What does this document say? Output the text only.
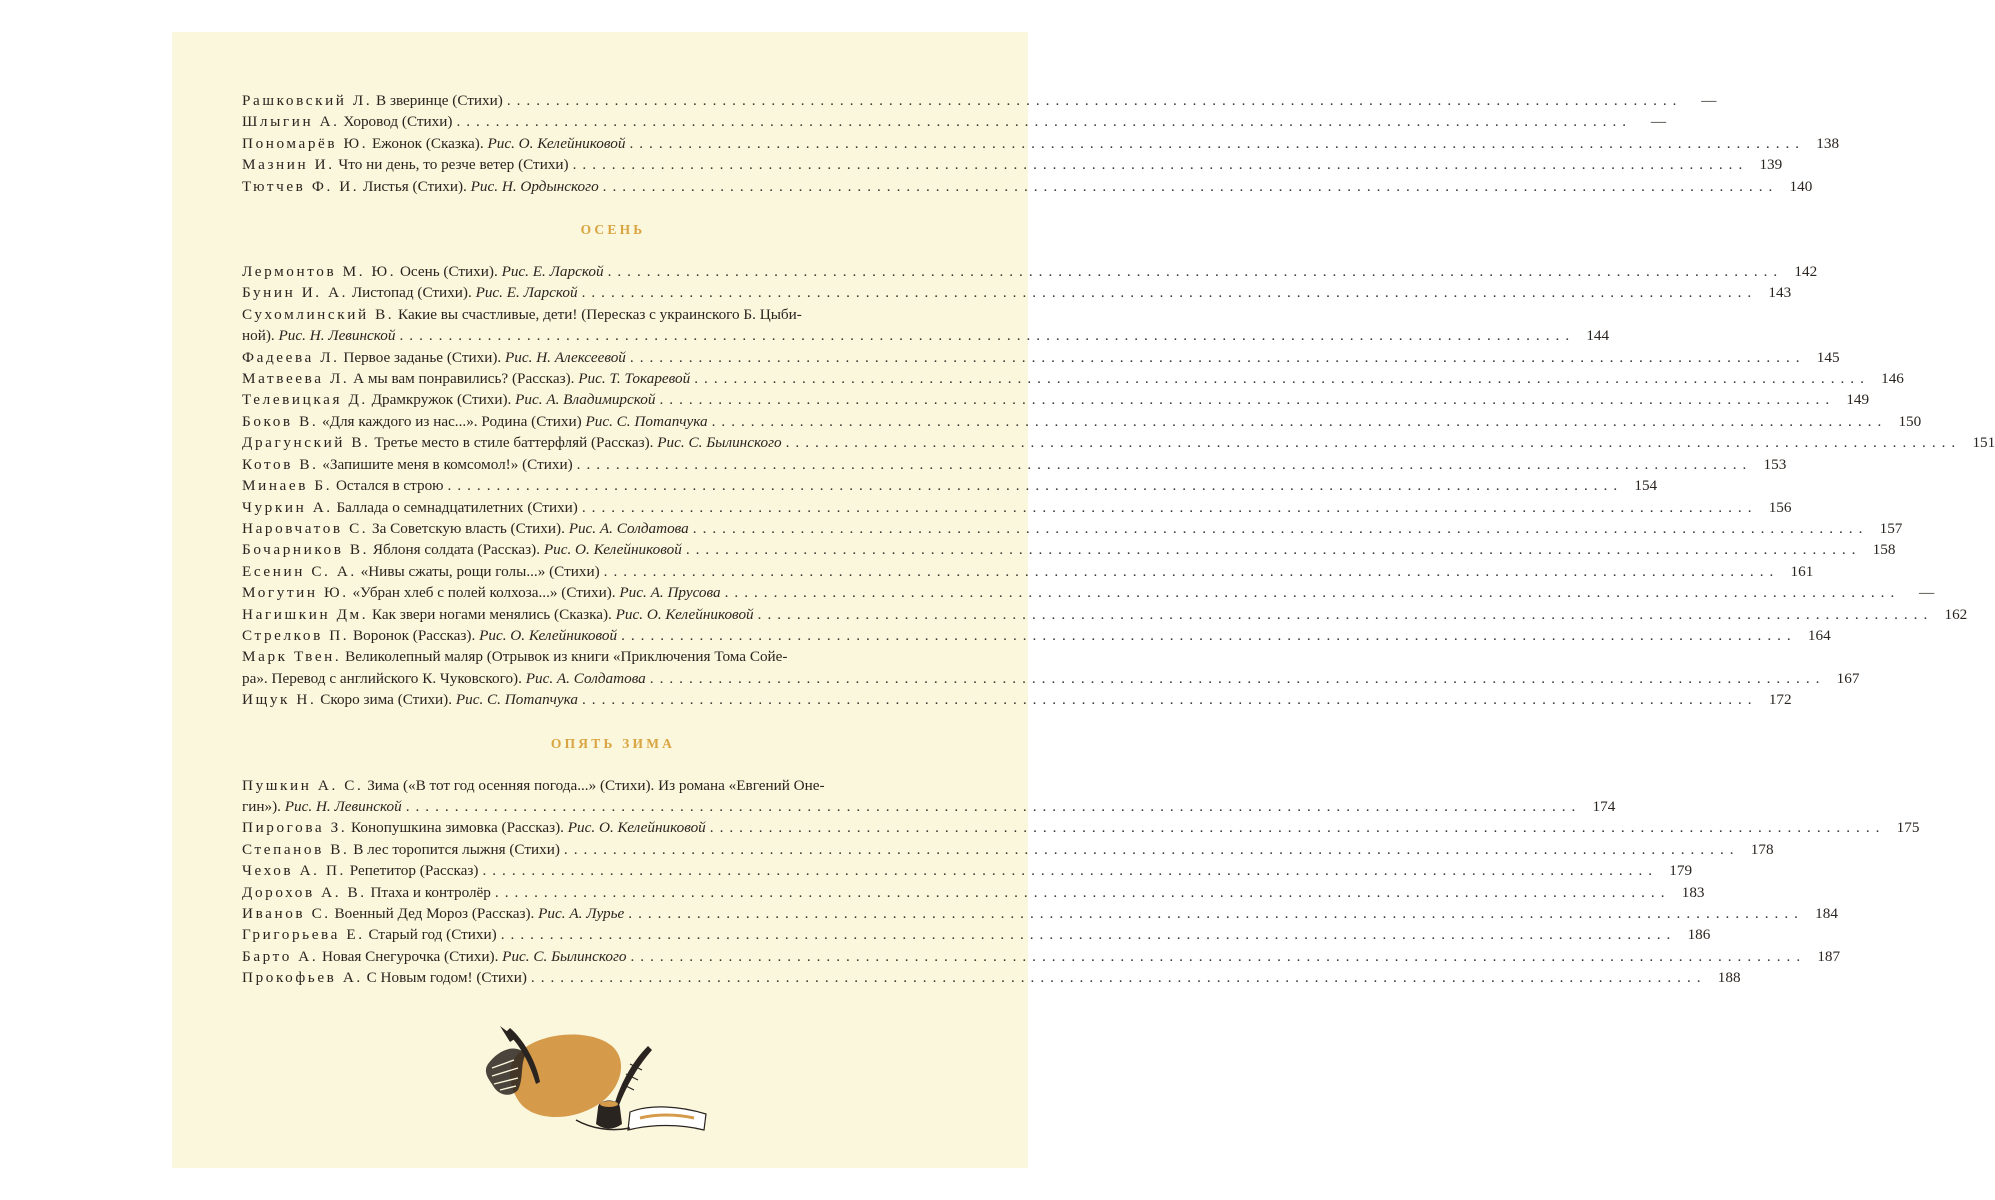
Рашковский Л. В зверинце (Стихи) ........................................................................................................................	—
Шлыгин А. Хоровод (Стихи) ........................................................................................................................	—
Пономарёв Ю. Ежонок (Сказка). Рис. О. Келейниковой ........................................................................................................................ 138
Мазнин И. Что ни день, то резче ветер (Стихи) ........................................................................................................................ 139
Тютчев Ф. И. Листья (Стихи). Рис. Н. Ордынского ........................................................................................................................ 140
ОСЕНЬ
Лермонтов М. Ю. Осень (Стихи). Рис. Е. Ларской ........................................................................................................................ 142
Бунин И. А. Листопад (Стихи). Рис. Е. Ларской ........................................................................................................................ 143
Сухомлинский В. Какие вы счастливые, дети! (Пересказ с украинского Б. Цыби-
ной). Рис. Н. Левинской ........................................................................................................................ 144
Фадеева Л. Первое заданье (Стихи). Рис. Н. Алексеевой ........................................................................................................................ 145
Матвеева Л. А мы вам понравились? (Рассказ). Рис. Т. Токаревой ........................................................................................................................ 146
Телевицкая Д. Драмкружок (Стихи). Рис. А. Владимирской ........................................................................................................................ 149
Боков В. «Для каждого из нас...». Родина (Стихи) Рис. С. Потапчука ........................................................................................................................ 150
Драгунский В. Третье место в стиле баттерфляй (Рассказ). Рис. С. Былинского ........................................................................................................................ 151
Котов В. «Запишите меня в комсомол!» (Стихи) ........................................................................................................................ 153
Минаев Б. Остался в строю ........................................................................................................................ 154
Чуркин А. Баллада о семнадцатилетних (Стихи) ........................................................................................................................ 156
Наровчатов С. За Советскую власть (Стихи). Рис. А. Солдатова ........................................................................................................................ 157
Бочарников В. Яблоня солдата (Рассказ). Рис. О. Келейниковой ........................................................................................................................ 158
Есенин С. А. «Нивы сжаты, рощи голы...» (Стихи) ........................................................................................................................ 161
Могутин Ю. «Убран хлеб с полей колхоза...» (Стихи). Рис. А. Прусова ........................................................................................................................	—
Нагишкин Дм. Как звери ногами менялись (Сказка). Рис. О. Келейниковой ........................................................................................................................ 162
Стрелков П. Воронок (Рассказ). Рис. О. Келейниковой ........................................................................................................................ 164
Марк Твен. Великолепный маляр (Отрывок из книги «Приключения Тома Сойе-
ра». Перевод с английского К. Чуковского). Рис. А. Солдатова ........................................................................................................................ 167
Ищук Н. Скоро зима (Стихи). Рис. С. Потапчука ........................................................................................................................ 172
ОПЯТЬ ЗИМА
Пушкин А. С. Зима («В тот год осенняя погода...» (Стихи). Из романа «Евгений Оне-
гин»). Рис. Н. Левинской ........................................................................................................................ 174
Пирогова З. Конопушкина зимовка (Рассказ). Рис. О. Келейниковой ........................................................................................................................ 175
Степанов В. В лес торопится лыжня (Стихи) ........................................................................................................................ 178
Чехов А. П. Репетитор (Рассказ) ........................................................................................................................ 179
Дорохов А. В. Птаха и контролёр ........................................................................................................................ 183
Иванов С. Военный Дед Мороз (Рассказ). Рис. А. Лурье ........................................................................................................................ 184
Григорьева Е. Старый год (Стихи) ........................................................................................................................ 186
Барто А. Новая Снегурочка (Стихи). Рис. С. Былинского ........................................................................................................................ 187
Прокофьев А. С Новым годом! (Стихи) ........................................................................................................................ 188
